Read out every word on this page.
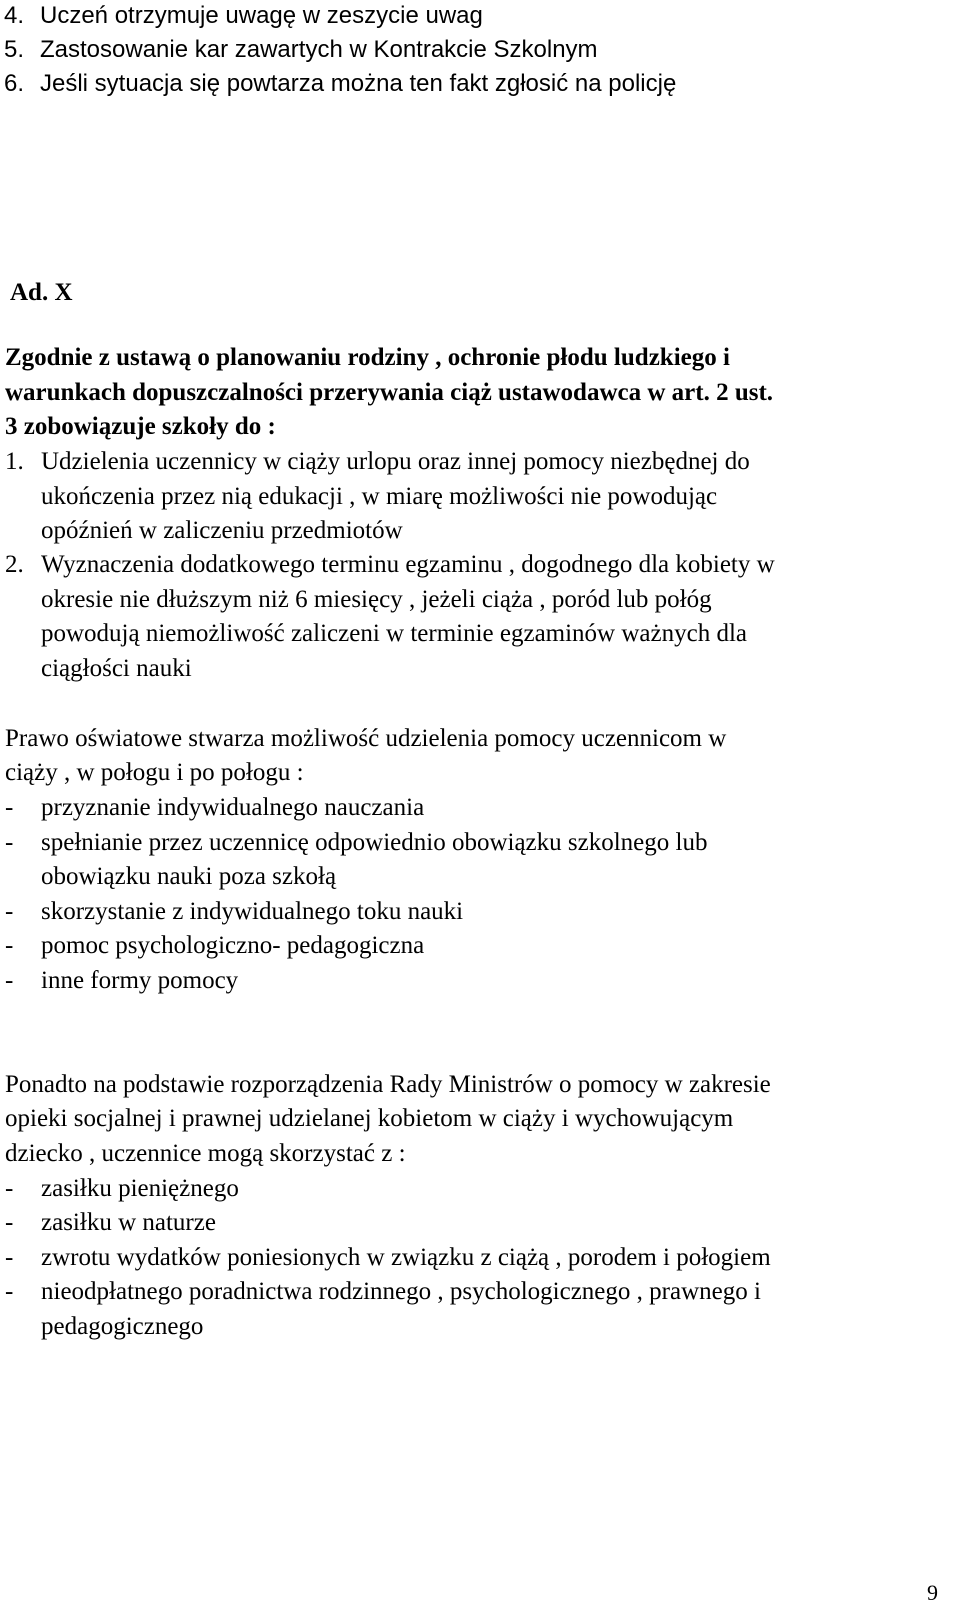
4. Uczeń otrzymuje uwagę w zeszycie uwag
5. Zastosowanie kar zawartych w Kontrakcie Szkolnym
6. Jeśli sytuacja się powtarza można ten fakt zgłosić na policję
Ad. X
Zgodnie z ustawą o planowaniu rodziny , ochronie płodu ludzkiego i
warunkach dopuszczalności przerywania ciąż ustawodawca w art. 2 ust.
3 zobowiązuje szkoły do :
1. Udzielenia uczennicy w ciąży urlopu oraz innej pomocy niezbędnej do
ukończenia przez nią edukacji , w miarę możliwości nie powodując
opóźnień w zaliczeniu przedmiotów
2. Wyznaczenia dodatkowego terminu egzaminu , dogodnego dla kobiety w
okresie nie dłuższym niż 6 miesięcy , jeżeli ciąża , poród lub połóg
powodują niemożliwość zaliczeni w terminie egzaminów ważnych dla
ciągłości nauki
Prawo oświatowe stwarza możliwość udzielenia pomocy uczennicom w
ciąży , w połogu i po połogu :
- przyznanie indywidualnego nauczania
- spełnianie przez uczennicę odpowiednio obowiązku szkolnego lub
obowiązku nauki poza szkołą
- skorzystanie z indywidualnego toku nauki
- pomoc psychologiczno- pedagogiczna
- inne formy pomocy
Ponadto na podstawie rozporządzenia Rady Ministrów o pomocy w zakresie
opieki socjalnej i prawnej udzielanej kobietom w ciąży i wychowującym
dziecko , uczennice mogą skorzystać z :
- zasiłku pieniężnego
- zasiłku w naturze
- zwrotu wydatków poniesionych w związku z ciążą , porodem i połogiem
- nieodpłatnego poradnictwa rodzinnego , psychologicznego , prawnego i
pedagogicznego
9
